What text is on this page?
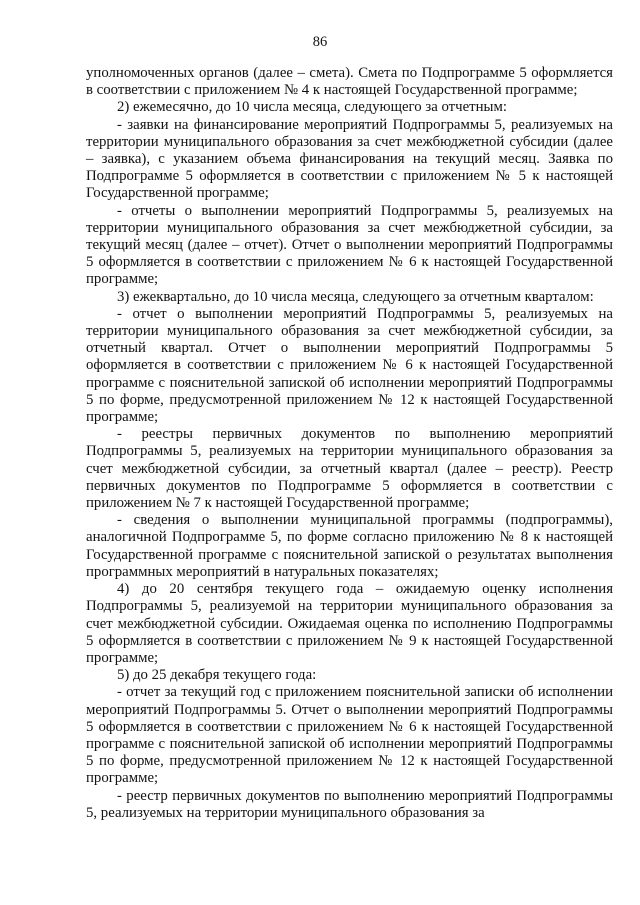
86

уполномоченных органов (далее – смета). Смета по Подпрограмме 5 оформляется в соответствии с приложением № 4 к настоящей Государственной программе;

2) ежемесячно, до 10 числа месяца, следующего за отчетным:

- заявки на финансирование мероприятий Подпрограммы 5, реализуемых на территории муниципального образования за счет межбюджетной субсидии (далее – заявка), с указанием объема финансирования на текущий месяц. Заявка по Подпрограмме 5 оформляется в соответствии с приложением № 5 к настоящей Государственной программе;

- отчеты о выполнении мероприятий Подпрограммы 5, реализуемых на территории муниципального образования за счет межбюджетной субсидии, за текущий месяц (далее – отчет). Отчет о выполнении мероприятий Подпрограммы 5 оформляется в соответствии с приложением № 6 к настоящей Государственной программе;

3) ежеквартально, до 10 числа месяца, следующего за отчетным кварталом:

- отчет о выполнении мероприятий Подпрограммы 5, реализуемых на территории муниципального образования за счет межбюджетной субсидии, за отчетный квартал. Отчет о выполнении мероприятий Подпрограммы 5 оформляется в соответствии с приложением № 6 к настоящей Государственной программе с пояснительной запиской об исполнении мероприятий Подпрограммы 5 по форме, предусмотренной приложением № 12 к настоящей Государственной программе;

- реестры первичных документов по выполнению мероприятий Подпрограммы 5, реализуемых на территории муниципального образования за счет межбюджетной субсидии, за отчетный квартал (далее – реестр). Реестр первичных документов по Подпрограмме 5 оформляется в соответствии с приложением № 7 к настоящей Государственной программе;

- сведения о выполнении муниципальной программы (подпрограммы), аналогичной Подпрограмме 5, по форме согласно приложению № 8 к настоящей Государственной программе с пояснительной запиской о результатах выполнения программных мероприятий в натуральных показателях;

4) до 20 сентября текущего года – ожидаемую оценку исполнения Подпрограммы 5, реализуемой на территории муниципального образования за счет межбюджетной субсидии. Ожидаемая оценка по исполнению Подпрограммы 5 оформляется в соответствии с приложением № 9 к настоящей Государственной программе;

5) до 25 декабря текущего года:

- отчет за текущий год с приложением пояснительной записки об исполнении мероприятий Подпрограммы 5. Отчет о выполнении мероприятий Подпрограммы 5 оформляется в соответствии с приложением № 6 к настоящей Государственной программе с пояснительной запиской об исполнении мероприятий Подпрограммы 5 по форме, предусмотренной приложением № 12 к настоящей Государственной программе;

- реестр первичных документов по выполнению мероприятий Подпрограммы 5, реализуемых на территории муниципального образования за
